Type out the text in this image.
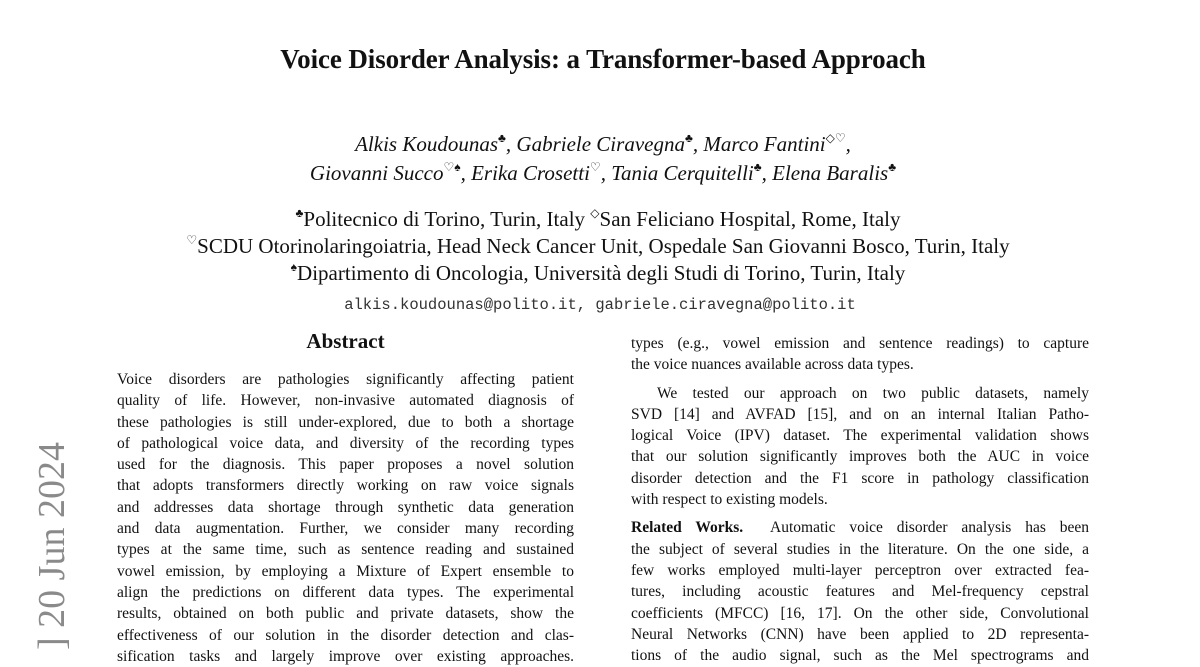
Voice Disorder Analysis: a Transformer-based Approach
Alkis Koudounas♣, Gabriele Ciravegna♣, Marco Fantini◇♡,
Giovanni Succo♡♠, Erika Crosetti♡, Tania Cerquitelli♣, Elena Baralis♣
♣Politecnico di Torino, Turin, Italy ◇San Feliciano Hospital, Rome, Italy
♡SCDU Otorinolaringoiatria, Head Neck Cancer Unit, Ospedale San Giovanni Bosco, Turin, Italy
♠Dipartimento di Oncologia, Università degli Studi di Torino, Turin, Italy
alkis.koudounas@polito.it, gabriele.ciravegna@polito.it
] 20 Jun 2024
Abstract
Voice disorders are pathologies significantly affecting patient
quality of life. However, non-invasive automated diagnosis of
these pathologies is still under-explored, due to both a shortage
of pathological voice data, and diversity of the recording types
used for the diagnosis. This paper proposes a novel solution
that adopts transformers directly working on raw voice signals
and addresses data shortage through synthetic data generation
and data augmentation. Further, we consider many recording
types at the same time, such as sentence reading and sustained
vowel emission, by employing a Mixture of Expert ensemble to
align the predictions on different data types. The experimental
results, obtained on both public and private datasets, show the
effectiveness of our solution in the disorder detection and clas-
sification tasks and largely improve over existing approaches.
types (e.g., vowel emission and sentence readings) to capture
the voice nuances available across data types.
We tested our approach on two public datasets, namely
SVD [14] and AVFAD [15], and on an internal Italian Patho-
logical Voice (IPV) dataset. The experimental validation shows
that our solution significantly improves both the AUC in voice
disorder detection and the F1 score in pathology classification
with respect to existing models.
Related Works. Automatic voice disorder analysis has been
the subject of several studies in the literature. On the one side, a
few works employed multi-layer perceptron over extracted fea-
tures, including acoustic features and Mel-frequency cepstral
coefficients (MFCC) [16, 17]. On the other side, Convolutional
Neural Networks (CNN) have been applied to 2D representa-
tions of the audio signal, such as the Mel spectrograms and
